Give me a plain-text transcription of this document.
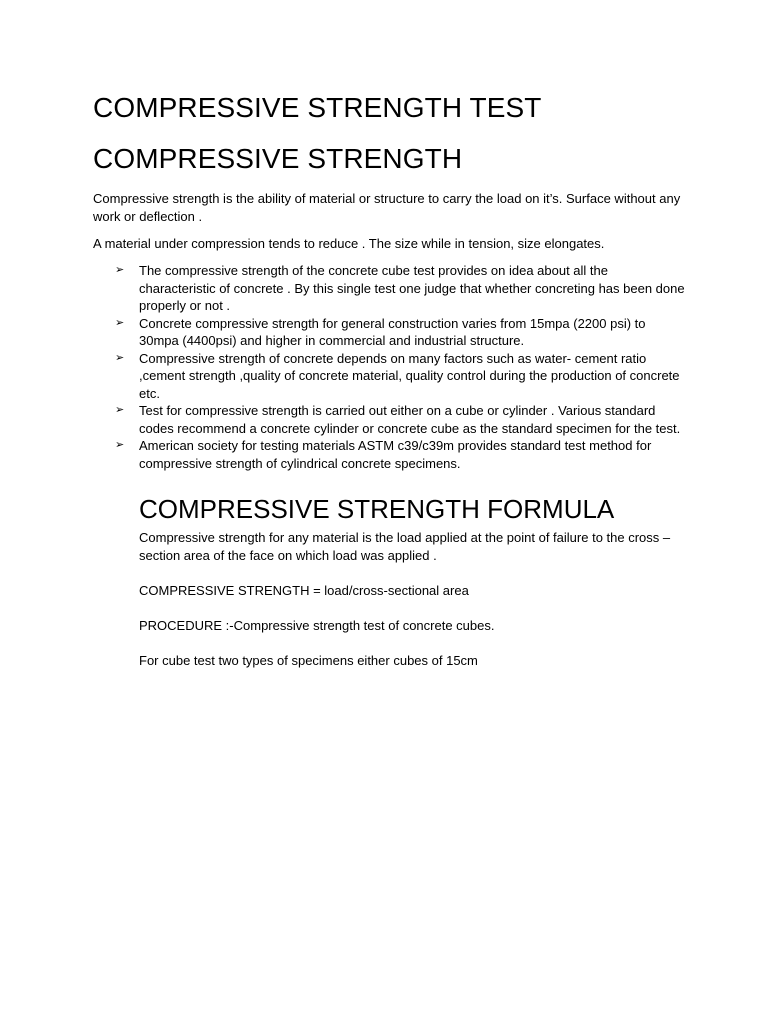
COMPRESSIVE STRENGTH TEST
COMPRESSIVE STRENGTH

Compressive strength is the ability of material or structure to carry the load on it’s. Surface without any work or deflection .

A material under compression tends to reduce . The size while in tension, size elongates.

➢ The compressive strength of the concrete cube test provides on idea about all the characteristic of concrete . By this single test one judge that whether concreting has been done properly or not .
➢ Concrete compressive strength for general construction varies from 15mpa (2200 psi) to 30mpa (4400psi) and higher in commercial and industrial structure.
➢ Compressive strength of concrete depends on many factors such as water- cement ratio ,cement strength ,quality of concrete material, quality control during the production of concrete etc.
➢ Test for compressive strength is carried out either on a cube or cylinder . Various standard codes recommend a concrete cylinder or concrete cube as the standard specimen for the test.
➢ American society for testing materials ASTM c39/c39m provides standard test method for compressive strength of cylindrical concrete specimens.
COMPRESSIVE STRENGTH FORMULA

Compressive strength for any material is the load applied at the point of failure to the cross –section area of the face on which load was applied .

COMPRESSIVE STRENGTH = load/cross-sectional area

PROCEDURE :-Compressive strength test of concrete cubes.

For cube test two types of specimens either cubes of 15cm
